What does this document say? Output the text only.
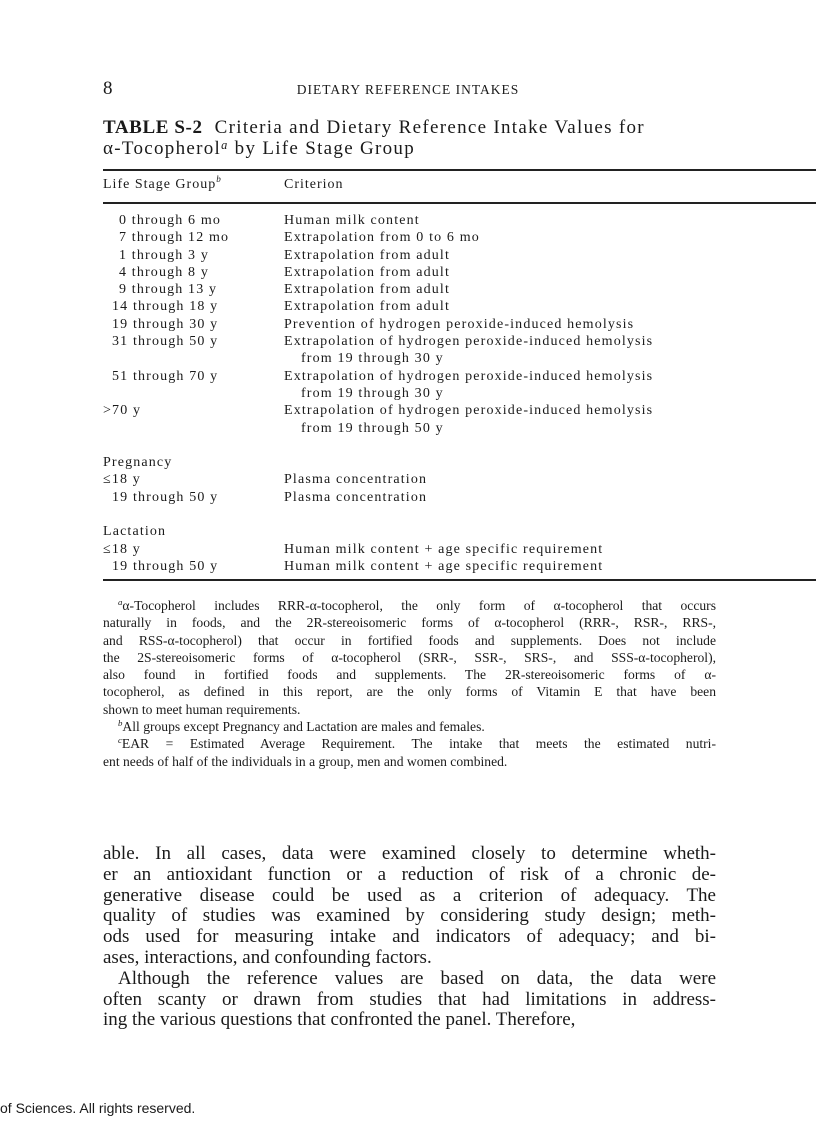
8	DIETARY REFERENCE INTAKES
TABLE S-2 Criteria and Dietary Reference Intake Values for
α-Tocopherol$^a$ by Life Stage Group
Life Stage Group$^b$	Criterion
0 through 6 mo	Human milk content
7 through 12 mo	Extrapolation from 0 to 6 mo
1 through 3 y	Extrapolation from adult
4 through 8 y	Extrapolation from adult
9 through 13 y	Extrapolation from adult
14 through 18 y	Extrapolation from adult
19 through 30 y	Prevention of hydrogen peroxide-induced hemolysis
31 through 50 y	Extrapolation of hydrogen peroxide-induced hemolysis
from 19 through 30 y
51 through 70 y	Extrapolation of hydrogen peroxide-induced hemolysis
from 19 through 30 y
>70 y	Extrapolation of hydrogen peroxide-induced hemolysis
from 19 through 50 y
Pregnancy
≤18 y	Plasma concentration
19 through 50 y	Plasma concentration
Lactation
≤18 y	Human milk content + age specific requirement
19 through 50 y	Human milk content + age specific requirement
$^a$α-Tocopherol includes RRR-α-tocopherol, the only form of α-tocopherol that occurs
naturally in foods, and the 2R-stereoisomeric forms of α-tocopherol (RRR-, RSR-, RRS-,
and RSS-α-tocopherol) that occur in fortified foods and supplements. Does not include
the 2S-stereoisomeric forms of α-tocopherol (SRR-, SSR-, SRS-, and SSS-α-tocopherol),
also found in fortified foods and supplements. The 2R-stereoisomeric forms of α-
tocopherol, as defined in this report, are the only forms of Vitamin E that have been
shown to meet human requirements.
$^b$All groups except Pregnancy and Lactation are males and females.
$^c$EAR = Estimated Average Requirement. The intake that meets the estimated nutri-
ent needs of half of the individuals in a group, men and women combined.
able. In all cases, data were examined closely to determine wheth-
er an antioxidant function or a reduction of risk of a chronic de-
generative disease could be used as a criterion of adequacy. The
quality of studies was examined by considering study design; meth-
ods used for measuring intake and indicators of adequacy; and bi-
ases, interactions, and confounding factors.
Although the reference values are based on data, the data were
often scanty or drawn from studies that had limitations in address-
ing the various questions that confronted the panel. Therefore,
of Sciences. All rights reserved.
